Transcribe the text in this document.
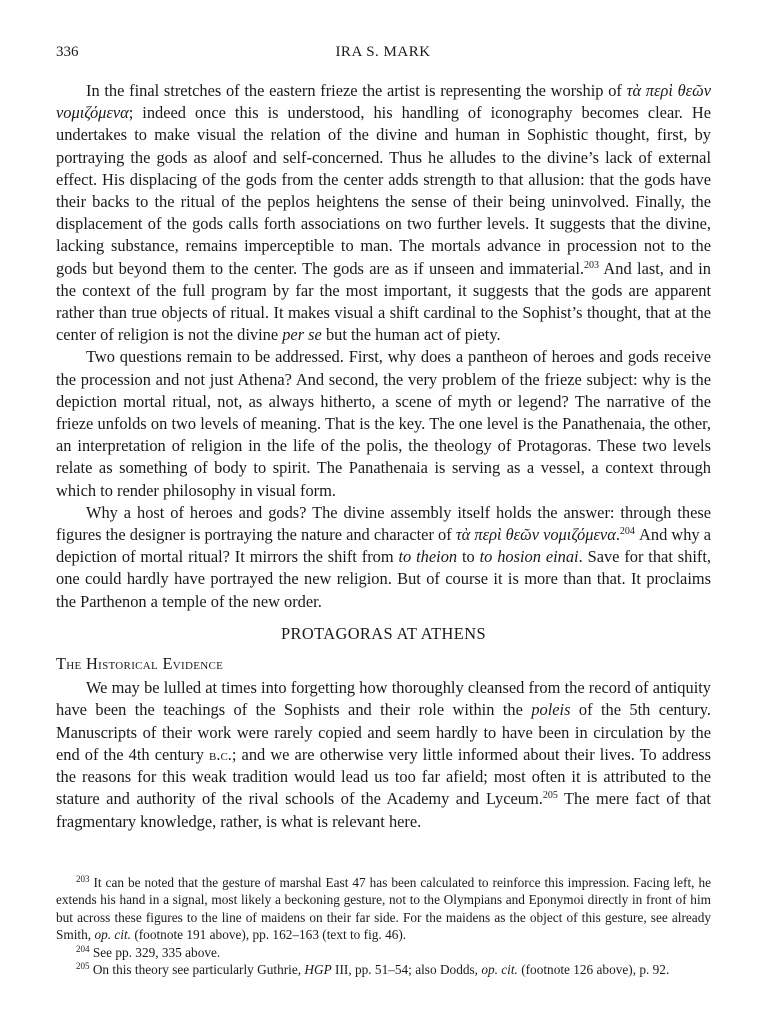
336	IRA S. MARK

In the final stretches of the eastern frieze the artist is representing the worship of τὰ περὶ θεῶν νομιζόμενα; indeed once this is understood, his handling of iconography becomes clear. He undertakes to make visual the relation of the divine and human in Sophistic thought, first, by portraying the gods as aloof and self-concerned. Thus he alludes to the divine’s lack of external effect. His displacing of the gods from the center adds strength to that allusion: that the gods have their backs to the ritual of the peplos heightens the sense of their being uninvolved. Finally, the displacement of the gods calls forth associations on two further levels. It suggests that the divine, lacking substance, remains imperceptible to man. The mortals advance in procession not to the gods but beyond them to the center. The gods are as if unseen and immaterial.$^{203}$ And last, and in the context of the full program by far the most important, it suggests that the gods are apparent rather than true objects of ritual. It makes visual a shift cardinal to the Sophist’s thought, that at the center of religion is not the divine per se but the human act of piety.

Two questions remain to be addressed. First, why does a pantheon of heroes and gods receive the procession and not just Athena? And second, the very problem of the frieze subject: why is the depiction mortal ritual, not, as always hitherto, a scene of myth or legend? The narrative of the frieze unfolds on two levels of meaning. That is the key. The one level is the Panathenaia, the other, an interpretation of religion in the life of the polis, the theology of Protagoras. These two levels relate as something of body to spirit. The Panathenaia is serving as a vessel, a context through which to render philosophy in visual form.

Why a host of heroes and gods? The divine assembly itself holds the answer: through these figures the designer is portraying the nature and character of τὰ περὶ θεῶν νομιζόμενα.$^{204}$ And why a depiction of mortal ritual? It mirrors the shift from to theion to to hosion einai. Save for that shift, one could hardly have portrayed the new religion. But of course it is more than that. It proclaims the Parthenon a temple of the new order.

PROTAGORAS AT ATHENS
The Historical Evidence

We may be lulled at times into forgetting how thoroughly cleansed from the record of antiquity have been the teachings of the Sophists and their role within the poleis of the 5th century. Manuscripts of their work were rarely copied and seem hardly to have been in circulation by the end of the 4th century b.c.; and we are otherwise very little informed about their lives. To address the reasons for this weak tradition would lead us too far afield; most often it is attributed to the stature and authority of the rival schools of the Academy and Lyceum.$^{205}$ The mere fact of that fragmentary knowledge, rather, is what is relevant here.

$^{203}$ It can be noted that the gesture of marshal East 47 has been calculated to reinforce this impression. Facing left, he extends his hand in a signal, most likely a beckoning gesture, not to the Olympians and Eponymoi directly in front of him but across these figures to the line of maidens on their far side. For the maidens as the object of this gesture, see already Smith, op. cit. (footnote 191 above), pp. 162–163 (text to fig. 46).

$^{204}$ See pp. 329, 335 above.

$^{205}$ On this theory see particularly Guthrie, HGP III, pp. 51–54; also Dodds, op. cit. (footnote 126 above), p. 92.
